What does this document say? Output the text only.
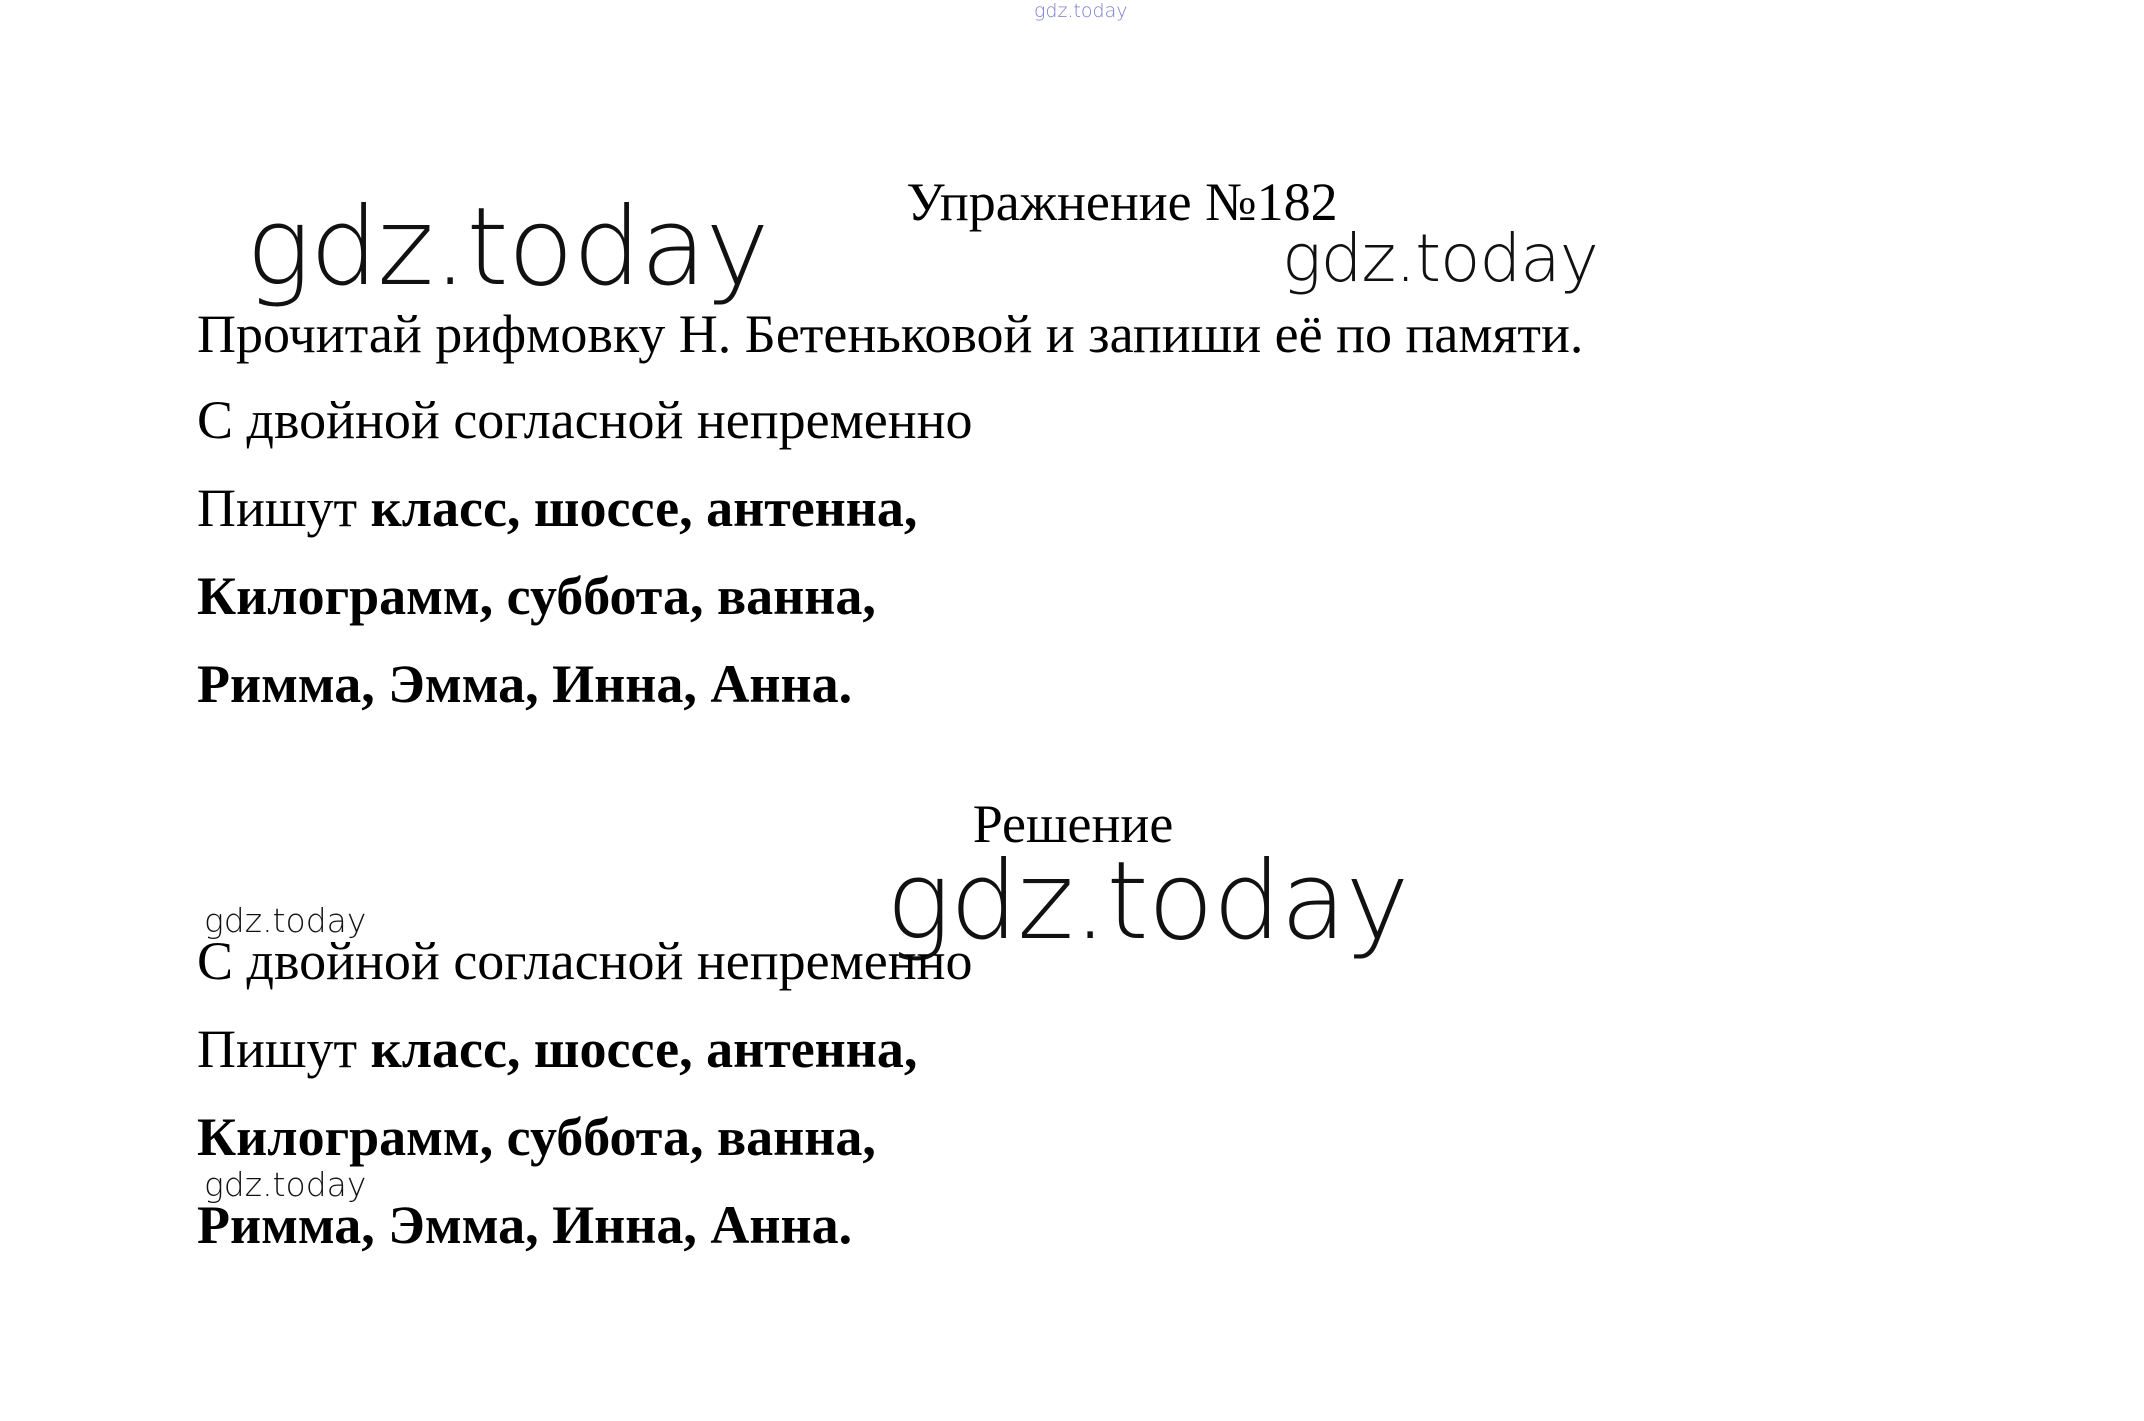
gdz.today
gdz.today	gdz.today
Упражнение №182
Прочитай рифмовку Н. Бетеньковой и запиши её по памяти.
С двойной согласной непременно
Пишут класс, шоссе, антенна,
Килограмм, суббота, ванна,
Римма, Эмма, Инна, Анна.
Решение
gdz.today
gdz.today
С двойной согласной непременно
Пишут класс, шоссе, антенна,
Килограмм, суббота, ванна,
gdz.today
Римма, Эмма, Инна, Анна.
